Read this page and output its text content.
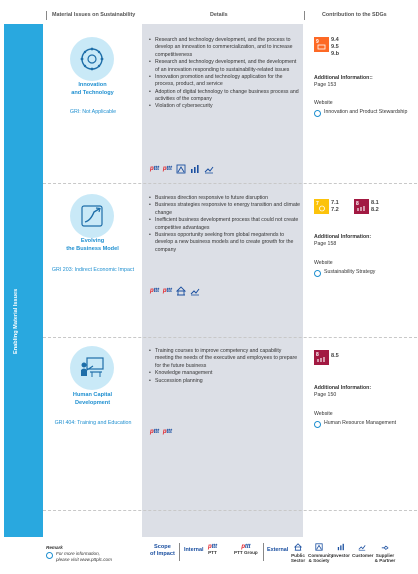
Material Issues on Sustainability	Details	Contribution to the SDGs
Enabling Material Issues
Innovation
and Technology
GRI: Not Applicable
• Research and technology development, and the process to develop an innovation to commercialization, and to increase competitiveness
• Research and technology development, and the development of an innovation responding to sustainability-related issues
• Innovation promotion and technology application for the process, product, and service
• Adoption of digital technology to change business process and activities of the company
• Violation of cybersecurity
pttt pttt
9 9.4
9.5
9.b
Additional Information::
Page 153
Website
Innovation and Product Stewardship
Evolving
the Business Model
GRI 203: Indirect Economic Impact
• Business direction responsive to future disruption
• Business strategies responsive to energy transition and climate change
• Inefficient business development process that could not create competitive advantages
• Business opportunity seeking from global megatrends to develop a new business models and to create growth for the company
pttt pttt
7 7.1
7.2
8 8.1
8.2
Additional Information:
Page 158
Website
Sustainability Strategy
Human Capital
Development
GRI 404: Training and Education
• Training courses to improve competency and capability meeting the needs of the executive and employees to prepare for the future business
• Knowledge management
• Succession planning
pttt pttt
8 8.5
Additional Information:
Page 150
Website
Human Resource Management
Remark
For more information,
please visit www.pttplc.com
Scope
of Impact
Internal pttt
PTT
pttt
PTT Group External
Public Sector
Community & Society
Investor Customer Supplier & Partner
